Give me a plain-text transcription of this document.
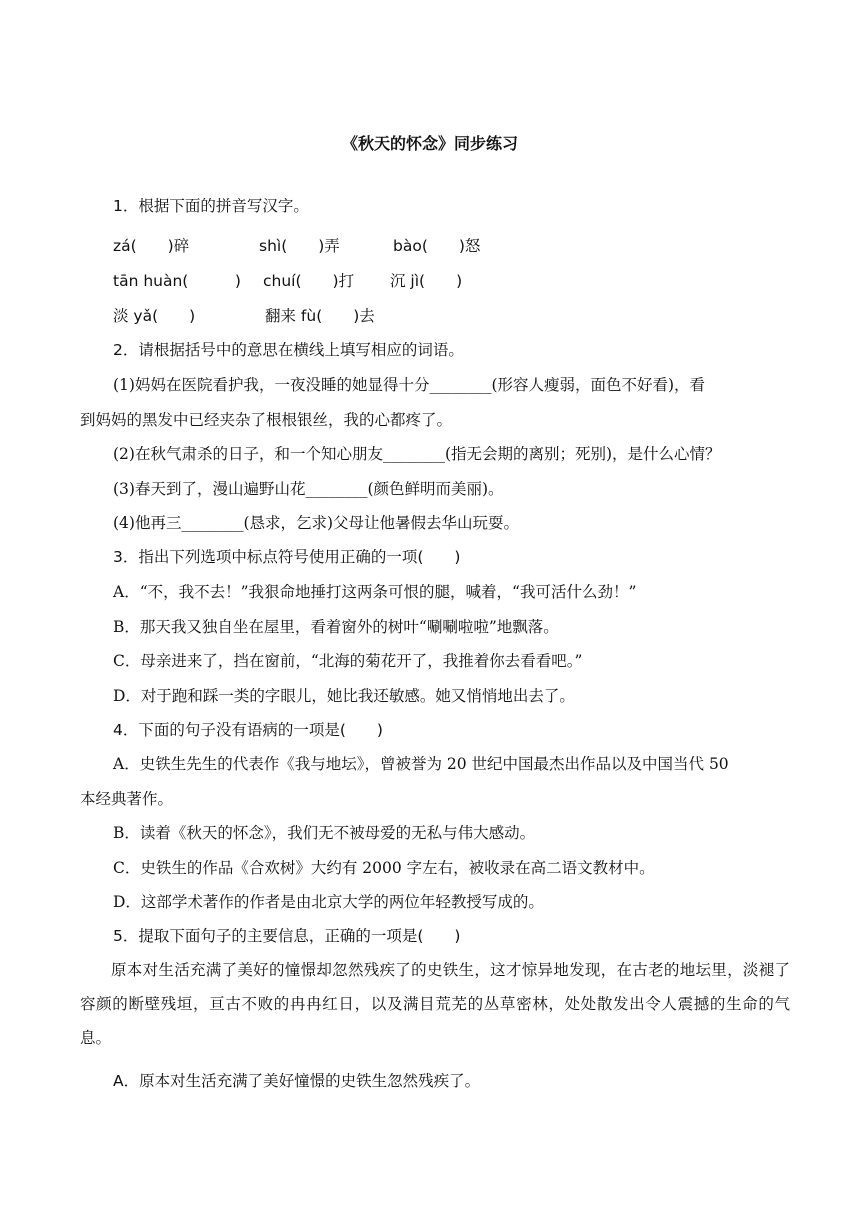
《秋天的怀念》同步练习
1．根据下面的拼音写汉字。
zá(　　)碎	shì(　　)弄	bào(　　)怒
tān huàn(　　　) chuí(　　)打 沉 jì(　　)
淡 yǎ(　　)	翻来 fù(　　)去
2．请根据括号中的意思在横线上填写相应的词语。
(1)妈妈在医院看护我，一夜没睡的她显得十分________(形容人瘦弱，面色不好看)，看
到妈妈的黑发中已经夹杂了根根银丝，我的心都疼了。
(2)在秋气肃杀的日子，和一个知心朋友________(指无会期的离别；死别)，是什么心情？
(3)春天到了，漫山遍野山花________(颜色鲜明而美丽)。
(4)他再三________(恳求，乞求)父母让他暑假去华山玩耍。
3．指出下列选项中标点符号使用正确的一项(　　)
A．“不，我不去！”我狠命地捶打这两条可恨的腿，喊着，“我可活什么劲！”
B．那天我又独自坐在屋里，看着窗外的树叶“唰唰啦啦”地飘落。
C．母亲进来了，挡在窗前，“北海的菊花开了，我推着你去看看吧。”
D．对于跑和踩一类的字眼儿，她比我还敏感。她又悄悄地出去了。
4．下面的句子没有语病的一项是(　　)
A．史铁生先生的代表作《我与地坛》，曾被誉为 20 世纪中国最杰出作品以及中国当代 50
本经典著作。
B．读着《秋天的怀念》，我们无不被母爱的无私与伟大感动。
C．史铁生的作品《合欢树》大约有 2000 字左右，被收录在高二语文教材中。
D．这部学术著作的作者是由北京大学的两位年轻教授写成的。
5．提取下面句子的主要信息，正确的一项是(　　)
原本对生活充满了美好的憧憬却忽然残疾了的史铁生，这才惊异地发现，在古老的地坛里，淡褪了容颜的断壁残垣，亘古不败的冉冉红日，以及满目荒芜的丛草密林，处处散发出令人震撼的生命的气息。
A．原本对生活充满了美好憧憬的史铁生忽然残疾了。
